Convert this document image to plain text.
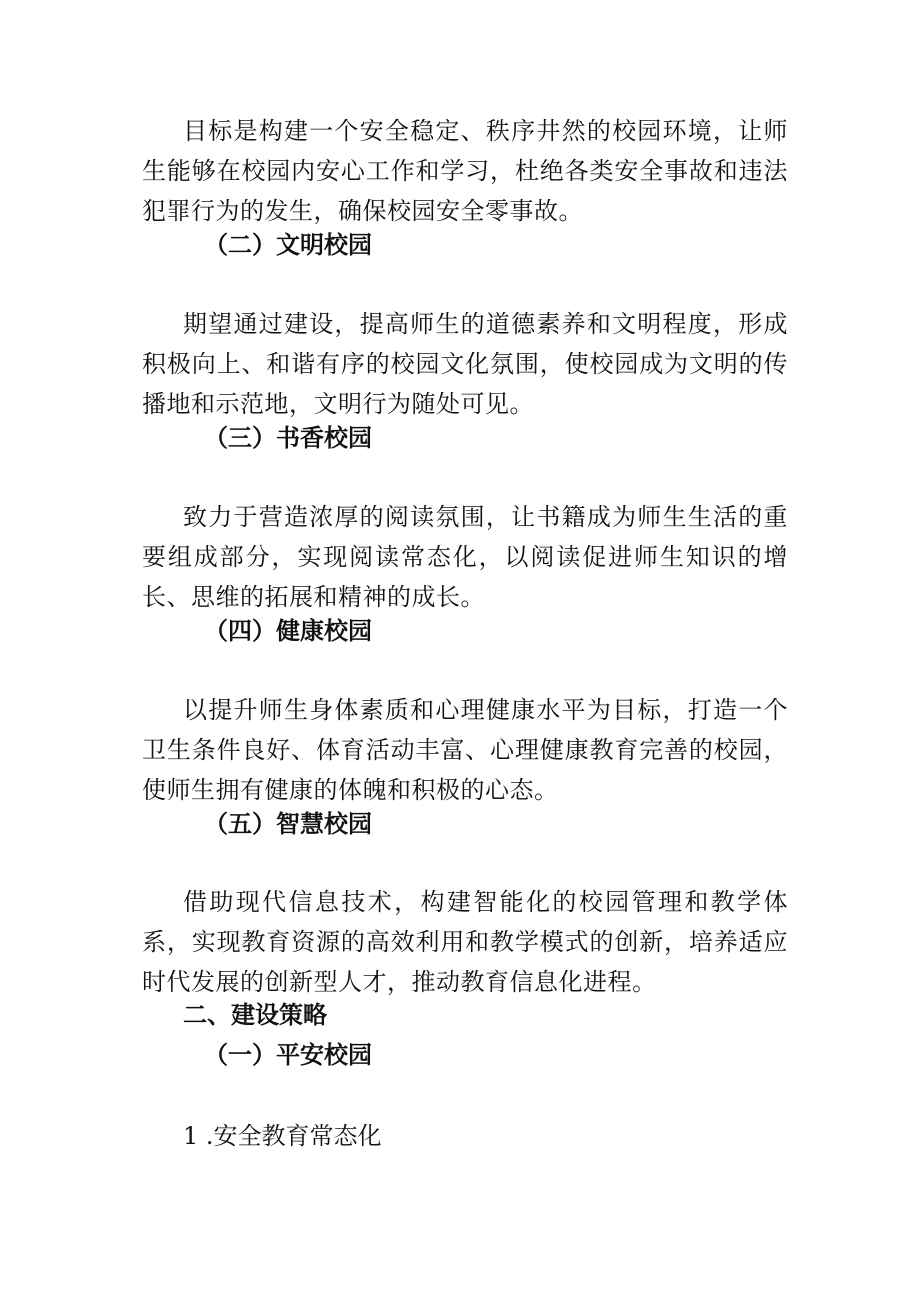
目标是构建一个安全稳定、秩序井然的校园环境，让师生能够在校园内安心工作和学习，杜绝各类安全事故和违法犯罪行为的发生，确保校园安全零事故。

（二）文明校园

期望通过建设，提高师生的道德素养和文明程度，形成积极向上、和谐有序的校园文化氛围，使校园成为文明的传播地和示范地，文明行为随处可见。

（三）书香校园

致力于营造浓厚的阅读氛围，让书籍成为师生生活的重要组成部分，实现阅读常态化，以阅读促进师生知识的增长、思维的拓展和精神的成长。

（四）健康校园

以提升师生身体素质和心理健康水平为目标，打造一个卫生条件良好、体育活动丰富、心理健康教育完善的校园，使师生拥有健康的体魄和积极的心态。

（五）智慧校园

借助现代信息技术，构建智能化的校园管理和教学体系，实现教育资源的高效利用和教学模式的创新，培养适应时代发展的创新型人才，推动教育信息化进程。

二、建设策略
（一）平安校园

1 .安全教育常态化
